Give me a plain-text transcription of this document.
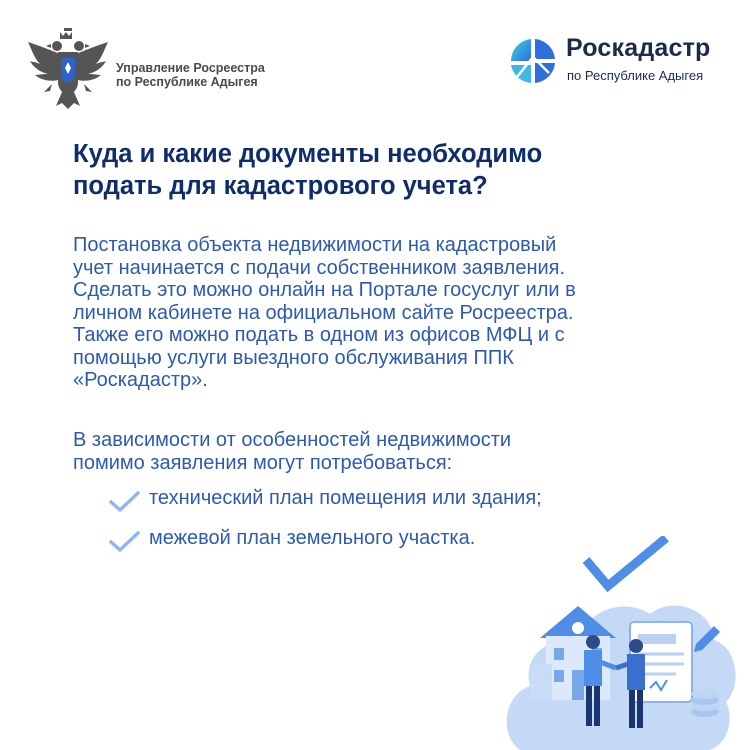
Управление Росреестра
по Республике Адыгея
Роскадастр
по Республике Адыгея
Куда и какие документы необходимо
подать для кадастрового учета?
Постановка объекта недвижимости на кадастровый
учет начинается с подачи собственником заявления.
Сделать это можно онлайн на Портале госуслуг или в
личном кабинете на официальном сайте Росреестра.
Также его можно подать в одном из офисов МФЦ и с
помощью услуги выездного обслуживания ППК
«Роскадастр».
В зависимости от особенностей недвижимости
помимо заявления могут потребоваться:
технический план помещения или здания;
межевой план земельного участка.
